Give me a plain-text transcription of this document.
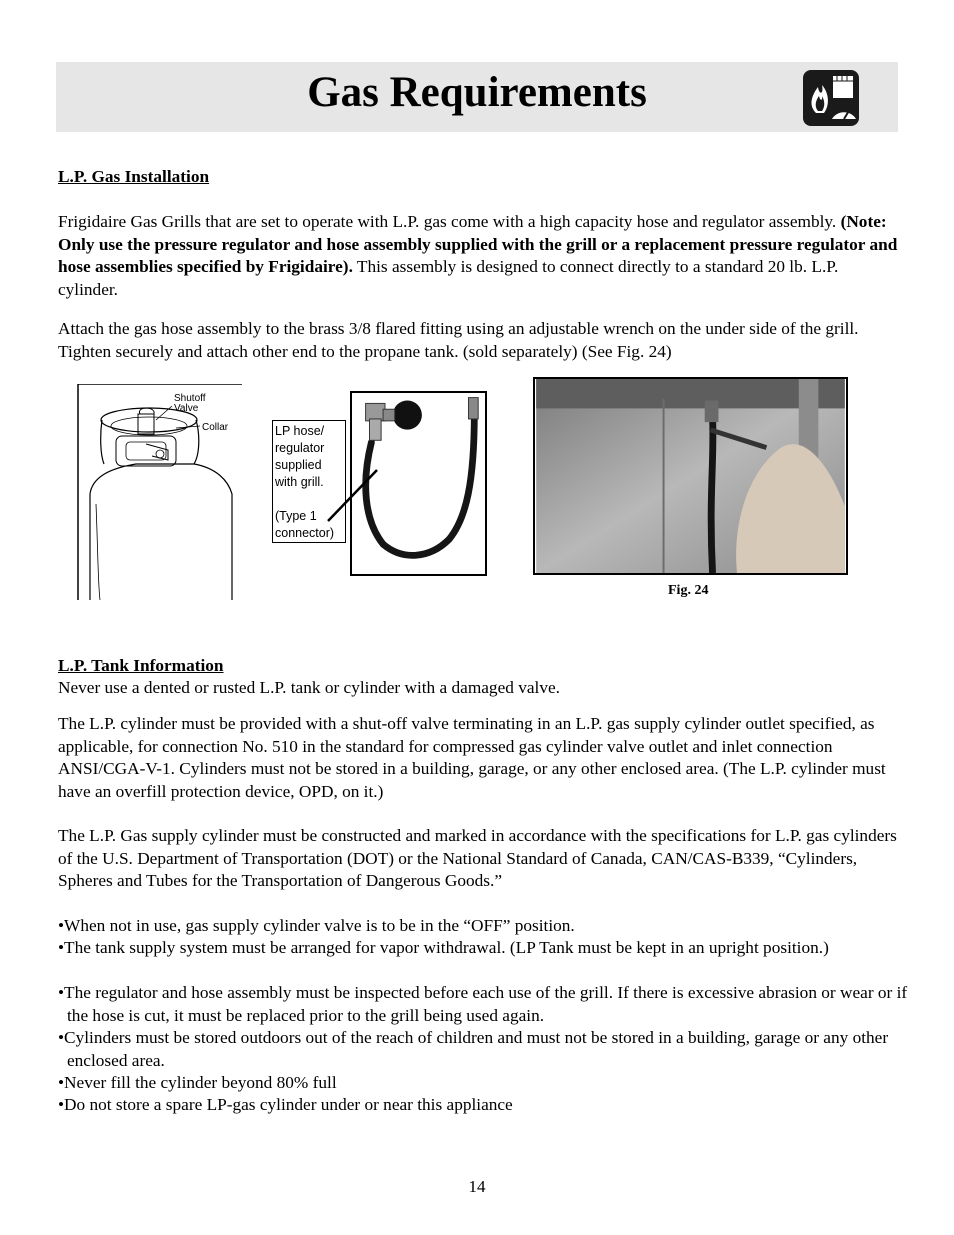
Gas Requirements
L.P. Gas Installation
Frigidaire Gas Grills that are set to operate with L.P. gas come with a high capacity hose and regulator assembly. (Note: Only use the pressure regulator and hose assembly supplied with the grill or a replacement pressure regulator and hose assemblies specified by Frigidaire). This assembly is designed to connect directly to a standard 20 lb. L.P. cylinder.
Attach the gas hose assembly to the brass 3/8 flared fitting using an adjustable wrench on the under side of the grill. Tighten securely and attach other end to the propane tank. (sold separately) (See Fig. 24)
Shutoff
Valve
Collar	LP hose/
regulator
supplied
with grill.
(Type 1
connector)
Fig. 24
L.P. Tank Information
Never use a dented or rusted L.P. tank or cylinder with a damaged valve.
The L.P. cylinder must be provided with a shut-off valve terminating in an L.P. gas supply cylinder outlet specified, as applicable, for connection No. 510 in the standard for compressed gas cylinder valve outlet and inlet connection ANSI/CGA-V-1. Cylinders must not be stored in a building, garage, or any other enclosed area. (The L.P. cylinder must have an overfill protection device, OPD, on it.)
The L.P. Gas supply cylinder must be constructed and marked in accordance with the specifications for L.P. gas cylinders of the U.S. Department of Transportation (DOT) or the National Standard of Canada, CAN/CAS-B339, “Cylinders, Spheres and Tubes for the Transportation of Dangerous Goods.”
•When not in use, gas supply cylinder valve is to be in the “OFF” position.
•The tank supply system must be arranged for vapor withdrawal. (LP Tank must be kept in an upright position.)
•The regulator and hose assembly must be inspected before each use of the grill. If there is excessive abrasion or wear or if the hose is cut, it must be replaced prior to the grill being used again.
•Cylinders must be stored outdoors out of the reach of children and must not be stored in a building, garage or any other enclosed area.
•Never fill the cylinder beyond 80% full
•Do not store a spare LP-gas cylinder under or near this appliance
14
